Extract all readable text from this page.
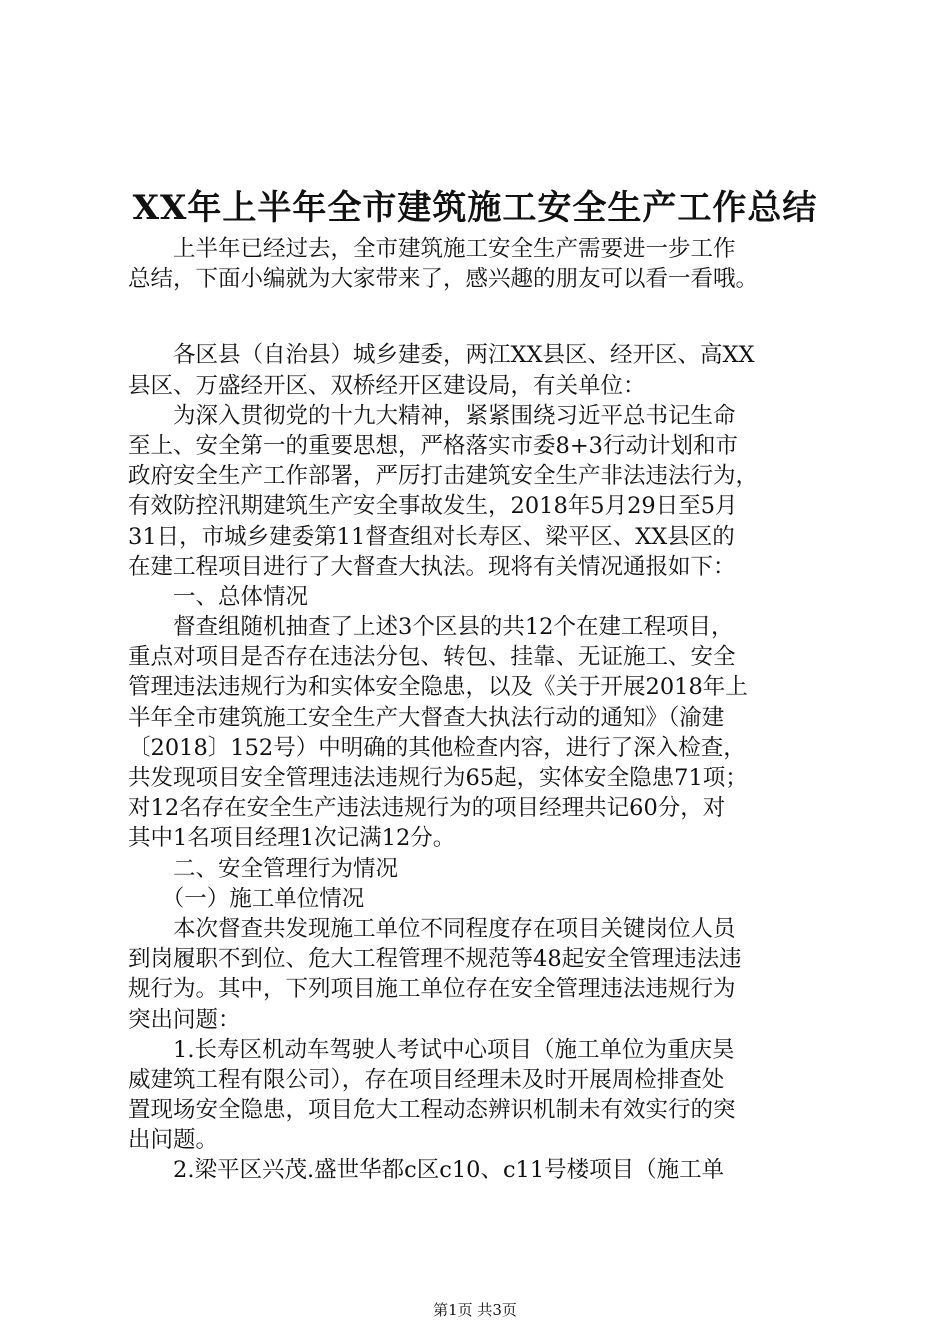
XX年上半年全市建筑施工安全生产工作总结
　　上半年已经过去，全市建筑施工安全生产需要进一步工作
总结，下面小编就为大家带来了，感兴趣的朋友可以看一看哦。
　　各区县（自治县）城乡建委，两江XX县区、经开区、高XX
县区、万盛经开区、双桥经开区建设局，有关单位：
　　为深入贯彻党的十九大精神，紧紧围绕习近平总书记生命
至上、安全第一的重要思想，严格落实市委8+3行动计划和市
政府安全生产工作部署，严厉打击建筑安全生产非法违法行为，
有效防控汛期建筑生产安全事故发生，2018年5月29日至5月
31日，市城乡建委第11督查组对长寿区、梁平区、XX县区的
在建工程项目进行了大督查大执法。现将有关情况通报如下：
　　一、总体情况
　　督查组随机抽查了上述3个区县的共12个在建工程项目，
重点对项目是否存在违法分包、转包、挂靠、无证施工、安全
管理违法违规行为和实体安全隐患，以及《关于开展2018年上
半年全市建筑施工安全生产大督查大执法行动的通知》（渝建
〔2018〕152号）中明确的其他检查内容，进行了深入检查，
共发现项目安全管理违法违规行为65起，实体安全隐患71项；
对12名存在安全生产违法违规行为的项目经理共记60分，对
其中1名项目经理1次记满12分。
　　二、安全管理行为情况
　　（一）施工单位情况
　　本次督查共发现施工单位不同程度存在项目关键岗位人员
到岗履职不到位、危大工程管理不规范等48起安全管理违法违
规行为。其中，下列项目施工单位存在安全管理违法违规行为
突出问题：
　　1.长寿区机动车驾驶人考试中心项目（施工单位为重庆昊
威建筑工程有限公司），存在项目经理未及时开展周检排查处
置现场安全隐患，项目危大工程动态辨识机制未有效实行的突
出问题。
　　2.梁平区兴茂.盛世华都c区c10、c11号楼项目（施工单
第1页 共3页
